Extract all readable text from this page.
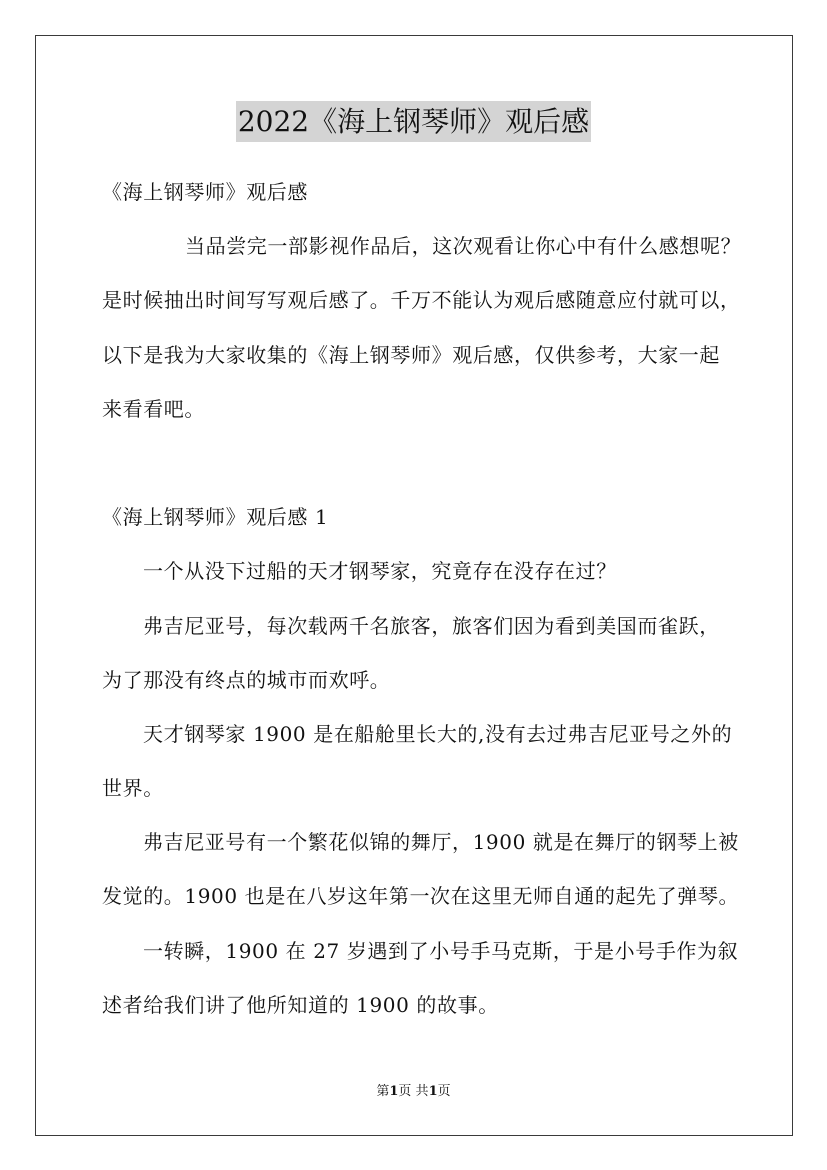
2022《海上钢琴师》观后感
《海上钢琴师》观后感
当品尝完一部影视作品后，这次观看让你心中有什么感想呢？
是时候抽出时间写写观后感了。千万不能认为观后感随意应付就可以，
以下是我为大家收集的《海上钢琴师》观后感，仅供参考，大家一起
来看看吧。
《海上钢琴师》观后感 1
一个从没下过船的天才钢琴家，究竟存在没存在过？
弗吉尼亚号，每次载两千名旅客，旅客们因为看到美国而雀跃，
为了那没有终点的城市而欢呼。
天才钢琴家 1900 是在船舱里长大的,没有去过弗吉尼亚号之外的
世界。
弗吉尼亚号有一个繁花似锦的舞厅，1900 就是在舞厅的钢琴上被
发觉的。1900 也是在八岁这年第一次在这里无师自通的起先了弹琴。
一转瞬，1900 在 27 岁遇到了小号手马克斯，于是小号手作为叙
述者给我们讲了他所知道的 1900 的故事。
第1页 共1页
